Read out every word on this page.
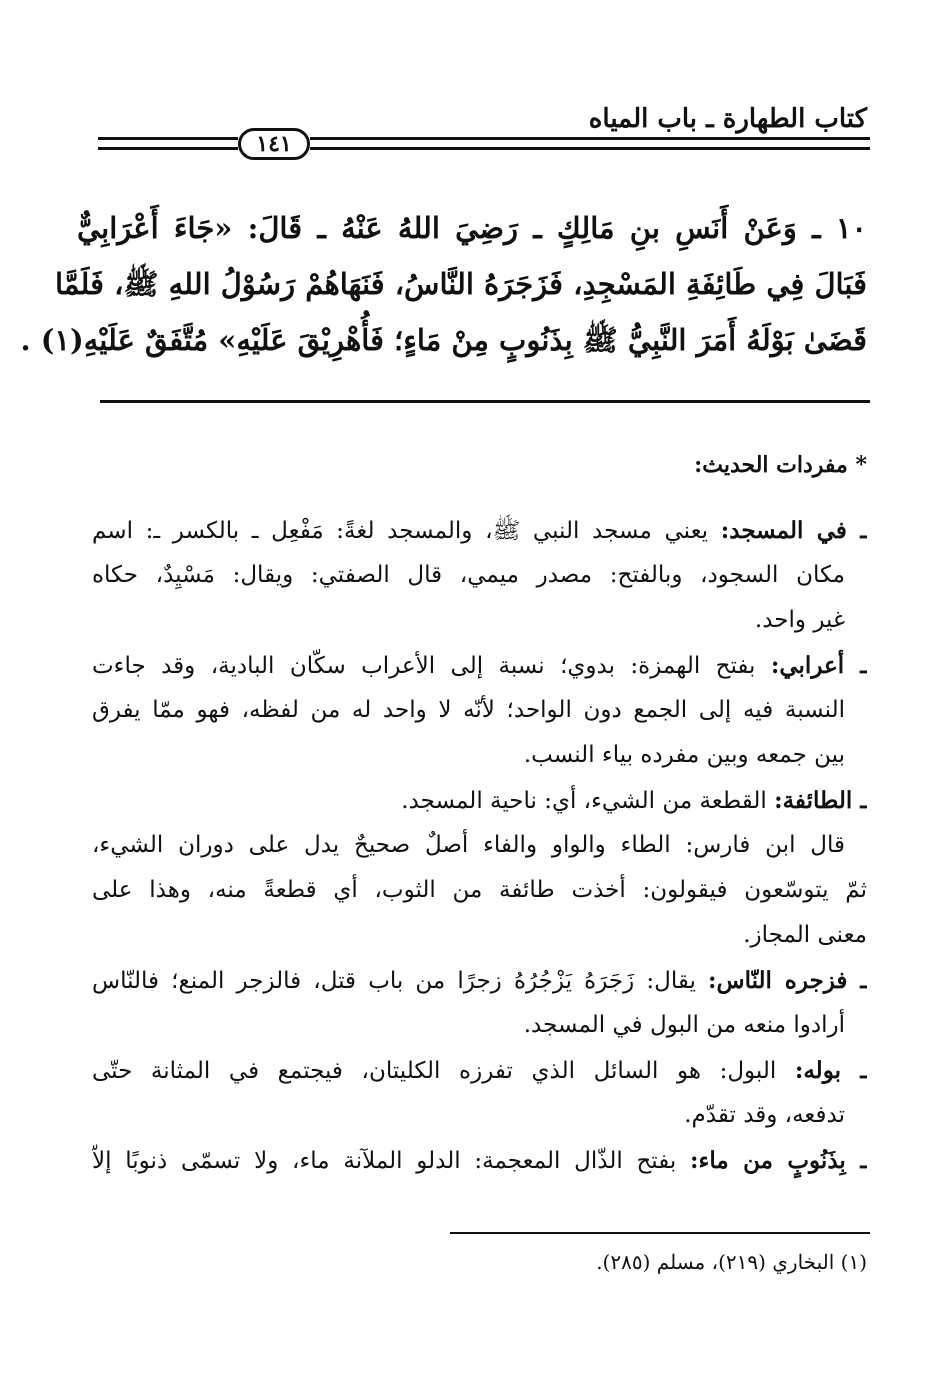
كتاب الطهارة ـ باب المياه
١٤١
١٠ ـ وَعَنْ أَنَسِ بنِ مَالِكٍ ـ رَضِيَ اللهُ عَنْهُ ـ قَالَ: «جَاءَ أَعْرَابِيٌّ
فَبَالَ فِي طَائِفَةِ المَسْجِدِ، فَزَجَرَهُ النَّاسُ، فَنَهَاهُمْ رَسُوْلُ اللهِ ﷺ، فَلَمَّا
قَضَىٰ بَوْلَهُ أَمَرَ النَّبِيُّ ﷺ بِذَنُوبٍ مِنْ مَاءٍ؛ فَأُهْرِيْقَ عَلَيْهِ» مُتَّفَقٌ عَلَيْهِ(١) .
* مفردات الحديث:
ـ في المسجد: يعني مسجد النبي ﷺ، والمسجد لغةً: مَفْعِل ـ بالكسر ـ: اسم
مكان السجود، وبالفتح: مصدر ميمي، قال الصفتي: ويقال: مَسْيِدٌ، حكاه
غير واحد.
ـ أعرابي: بفتح الهمزة: بدوي؛ نسبة إلى الأعراب سكّان البادية، وقد جاءت
النسبة فيه إلى الجمع دون الواحد؛ لأنّه لا واحد له من لفظه، فهو ممّا يفرق
بين جمعه وبين مفرده بياء النسب.
ـ الطائفة: القطعة من الشيء، أي: ناحية المسجد.
قال ابن فارس: الطاء والواو والفاء أصلٌ صحيحٌ يدل على دوران الشيء،
ثمّ يتوسّعون فيقولون: أخذت طائفة من الثوب، أي قطعةً منه، وهذا على
معنى المجاز.
ـ فزجره النّاس: يقال: زَجَرَهُ يَزْجُرُهُ زجرًا من باب قتل، فالزجر المنع؛ فالنّاس
أرادوا منعه من البول في المسجد.
ـ بوله: البول: هو السائل الذي تفرزه الكليتان، فيجتمع في المثانة حتّى
تدفعه، وقد تقدّم.
ـ بِذَنُوبٍ من ماء: بفتح الذّال المعجمة: الدلو الملآنة ماء، ولا تسمّى ذنوبًا إلاّ
(١) البخاري (٢١٩)، مسلم (٢٨٥).
